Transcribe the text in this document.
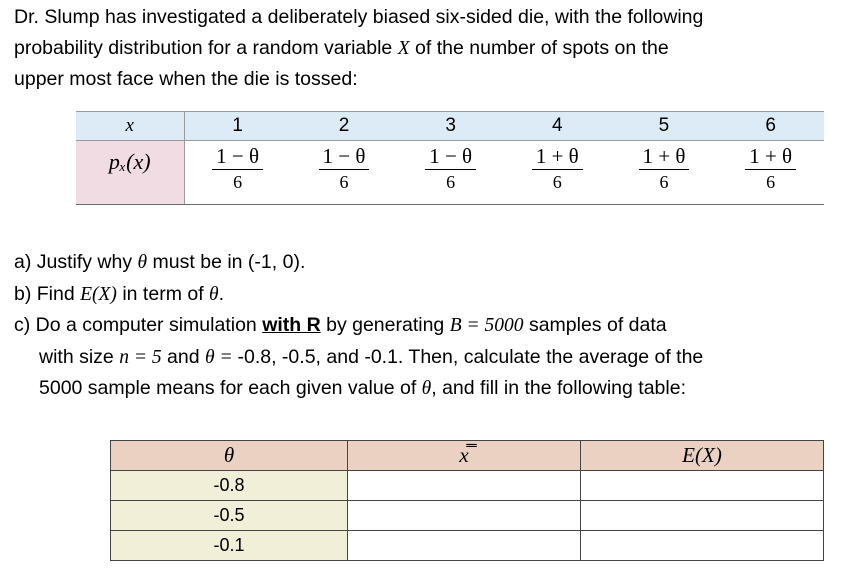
Dr. Slump has investigated a deliberately biased six-sided die, with the following
probability distribution for a random variable X of the number of spots on the
upper most face when the die is tossed:
x	1	2	3	4	5	6
pₓ(x)	$\frac{1 - \theta}{6}$	$\frac{1 - \theta}{6}$	$\frac{1 - \theta}{6}$	$\frac{1 + \theta}{6}$	$\frac{1 + \theta}{6}$	$\frac{1 + \theta}{6}$
a) Justify why θ must be in (-1, 0).
b) Find E(X) in term of θ.
c) Do a computer simulation with R by generating B = 5000 samples of data
with size n = 5 and θ = -0.8, -0.5, and -0.1. Then, calculate the average of the
5000 sample means for each given value of θ, and fill in the following table:
θ	x̿	E(X)
-0.8		
-0.5		
-0.1		
